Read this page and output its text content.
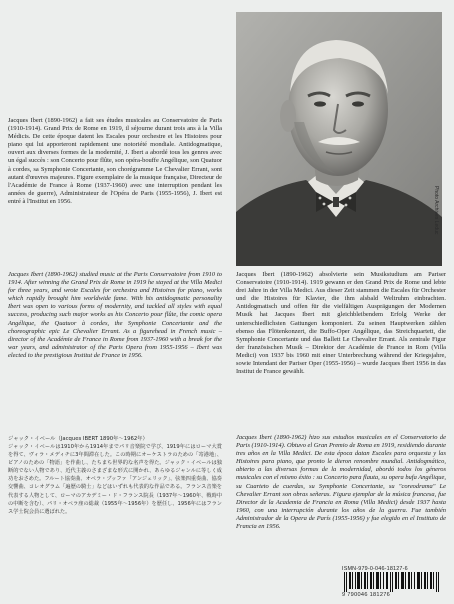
Photo Archives Leduc

Jacques Ibert (1890-1962) a fait ses études musicales au Conservatoire de Paris (1910-1914). Grand Prix de Rome en 1919, il séjourne durant trois ans à la Villa Médicis. De cette époque datent les Escales pour orchestre et les Histoires pour piano qui lui apporteront rapidement une notoriété mondiale. Antidogmatique, ouvert aux diverses formes de la modernité, J. Ibert a abordé tous les genres avec un égal succès : son Concerto pour flûte, son opéra-bouffe Angélique, son Quatuor à cordes, sa Symphonie Concertante, son chorégramme Le Chevalier Errant, sont autant d'œuvres majeures. Figure exemplaire de la musique française, Directeur de l'Académie de France à Rome (1937-1960) avec une interruption pendant les années de guerre), Administrateur de l'Opéra de Paris (1955-1956), J. Ibert est entré à l'Institut en 1956.

Jacques Ibert (1890-1962) studied music at the Paris Conservatoire from 1910 to 1914. After winning the Grand Prix de Rome in 1919 he stayed at the Villa Medici for three years, and wrote Escales for orchestra and Histoires for piano, works which rapidly brought him worldwide fame. With his antidogmatic personality Ibert was open to various forms of modernity, and tackled all styles with equal success, producing such major works as his Concerto pour flûte, the comic opera Angélique, the Quatuor à cordes, the Symphonie Concertante and the choreographic epic Le Chevalier Errant. As a figurehead in French music – director of the Académie de France in Rome from 1937-1960 with a break for the war years, and administrator of the Paris Opera from 1955-1956 – Ibert was elected to the prestigious Institut de France in 1956.

ジャック・イベール（Jacques IBERT 1890年〜1962年）

ジャック・イベールは1910年から1914年までパリ音楽院で学び、1919年にはローマ大賞を得て、ヴィラ・メディチに3年間滞在した。この時期にオーケストラのための「寄港地」、ピアノのための「物語」を作曲し、たちまち世界的な名声を得た。ジャック・イベールは独断的でない人物であり、近代主義のさまざまな形式に開かれ、あらゆるジャンルに等しく成功をおさめた。フルート協奏曲、オペラ・ブッファ「アンジェリック」、弦楽四重奏曲、協奏交響曲、コレオグラム「遍歴の騎士」などはいずれも代表的な作品である。フランス音楽を代表する人物として、ローマのアカデミー・ド・フランス院長（1937年〜1960年、戦時中の中断を含む）、パリ・オペラ座の総裁（1955年〜1956年）を歴任し、1956年にはフランス学士院会員に選ばれた。

Jacques Ibert (1890-1962) absolvierte sein Musikstudium am Pariser Conservatoire (1910-1914). 1919 gewann er den Grand Prix de Rome und lebte drei Jahre in der Villa Medici. Aus dieser Zeit stammen die Escales für Orchester und die Histoires für Klavier, die ihm alsbald Weltruhm einbrachten. Antidogmatisch und offen für die vielfältigen Ausprägungen der Modernen Musik hat Jacques Ibert mit gleichbleibendem Erfolg Werke der unterschiedlichsten Gattungen komponiert. Zu seinen Hauptwerken zählen ebenso das Flötenkonzert, die Buffo-Oper Angélique, das Streichquartett, die Symphonie Concertante und das Ballett Le Chevalier Errant. Als zentrale Figur der französischen Musik – Direktor der Académie de France in Rom (Villa Medici) von 1937 bis 1960 mit einer Unterbrechung während der Kriegsjahre, sowie Intendant der Pariser Oper (1955-1956) – wurde Jacques Ibert 1956 in das Institut de France gewählt.

Jacques Ibert (1890-1962) hizo sus estudios musicales en el Conservatorio de Paris (1910-1914). Obtuvo el Gran Premio de Roma en 1919, residiendo durante tres años en la Villa Medici. De esta época datan Escales para orquesta y las Histoires para piano, que pronto le dieron renombre mundial. Antidogmático, abierto a las diversas formas de la modernidad, abordó todos los géneros musicales con el mismo éxito : su Concerto para flauta, su opera bufa Angélique, su Cuarteto de cuerdas, su Symphonie Concertante, su "coreodrama" Le Chevalier Errant son obras señeras. Figura ejemplar de la música francesa, fue Director de la Academia de Francia en Roma (Villa Medici) desde 1937 hasta 1960, con una interrupción durante los años de la guerra. Fue también Administrador de la Opera de París (1955-1956) y fue elegido en el Instituto de Francia en 1956.

ISMN-979-0-046-18127-6
9 790046 181276
